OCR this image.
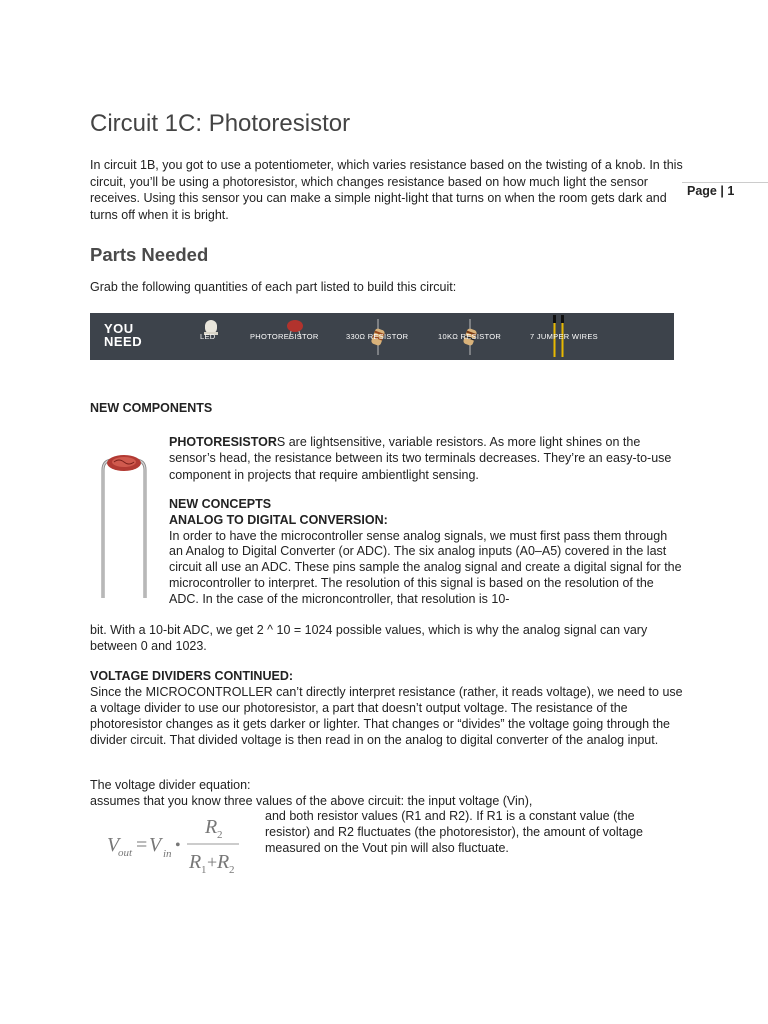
Circuit 1C: Photoresistor
Page | 1
In circuit 1B, you got to use a potentiometer, which varies resistance based on the twisting of a knob. In this circuit, you’ll be using a photoresistor, which changes resistance based on how much light the sensor receives. Using this sensor you can make a simple night-light that turns on when the room gets dark and turns off when it is bright.
Parts Needed
Grab the following quantities of each part listed to build this circuit:
YOU
NEED	LED	PHOTORESISTOR	330Ω RESISTOR	10KΩ RESISTOR	7 JUMPER WIRES
NEW COMPONENTS
PHOTORESISTORS are lightsensitive, variable resistors. As more light shines on the sensor’s head, the resistance between its two terminals decreases. They’re an easy-to-use component in projects that require ambientlight sensing.
NEW CONCEPTS
ANALOG TO DIGITAL CONVERSION:
In order to have the microcontroller sense analog signals, we must first pass them through an Analog to Digital Converter (or ADC). The six analog inputs (A0–A5) covered in the last circuit all use an ADC. These pins sample the analog signal and create a digital signal for the microcontroller to interpret. The resolution of this signal is based on the resolution of the ADC. In the case of the microncontroller, that resolution is 10-
bit. With a 10-bit ADC, we get 2 ^ 10 = 1024 possible values, which is why the analog signal can vary between 0 and 1023.
VOLTAGE DIVIDERS CONTINUED:
Since the MICROCONTROLLER can’t directly interpret resistance (rather, it reads voltage), we need to use a voltage divider to use our photoresistor, a part that doesn’t output voltage. The resistance of the photoresistor changes as it gets darker or lighter. That changes or “divides” the voltage going through the divider circuit. That divided voltage is then read in on the analog to digital converter of the analog input.
The voltage divider equation:
assumes that you know three values of the above circuit: the input voltage (Vin),
and both resistor values (R1 and R2). If R1 is a constant value (the resistor) and R2 fluctuates (the photoresistor), the amount of voltage measured on the Vout pin will also fluctuate.
V
out = V in •
R 2
R 1 + R 2
